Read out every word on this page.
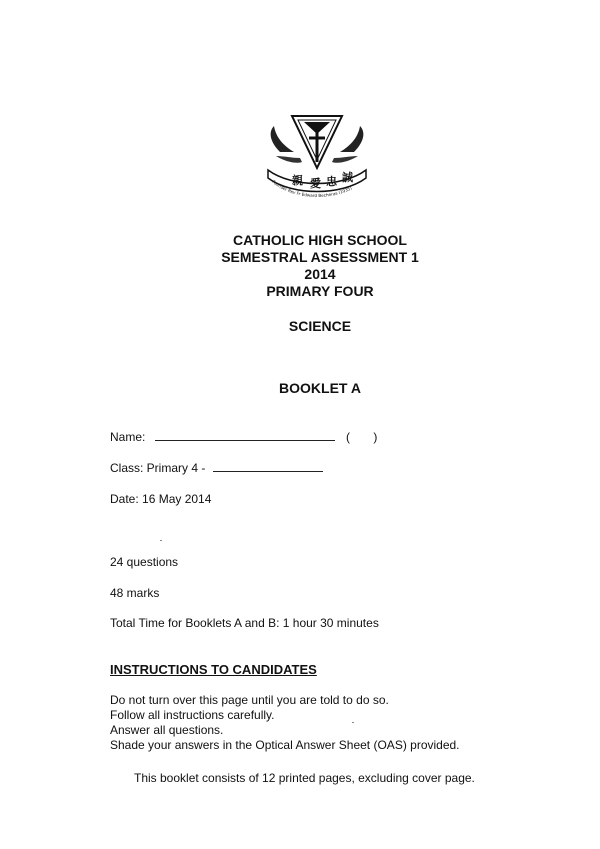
親 愛 忠 誠
Founder Rev Fr Edward Becheras (1935)
CATHOLIC HIGH SCHOOL
SEMESTRAL ASSESSMENT 1
2014
PRIMARY FOUR
SCIENCE
BOOKLET A
Name:	( )
Class: Primary 4 -
Date: 16 May 2014
24 questions
48 marks
Total Time for Booklets A and B: 1 hour 30 minutes
INSTRUCTIONS TO CANDIDATES
Do not turn over this page until you are told to do so.
Follow all instructions carefully.
Answer all questions.
Shade your answers in the Optical Answer Sheet (OAS) provided.
This booklet consists of 12 printed pages, excluding cover page.
